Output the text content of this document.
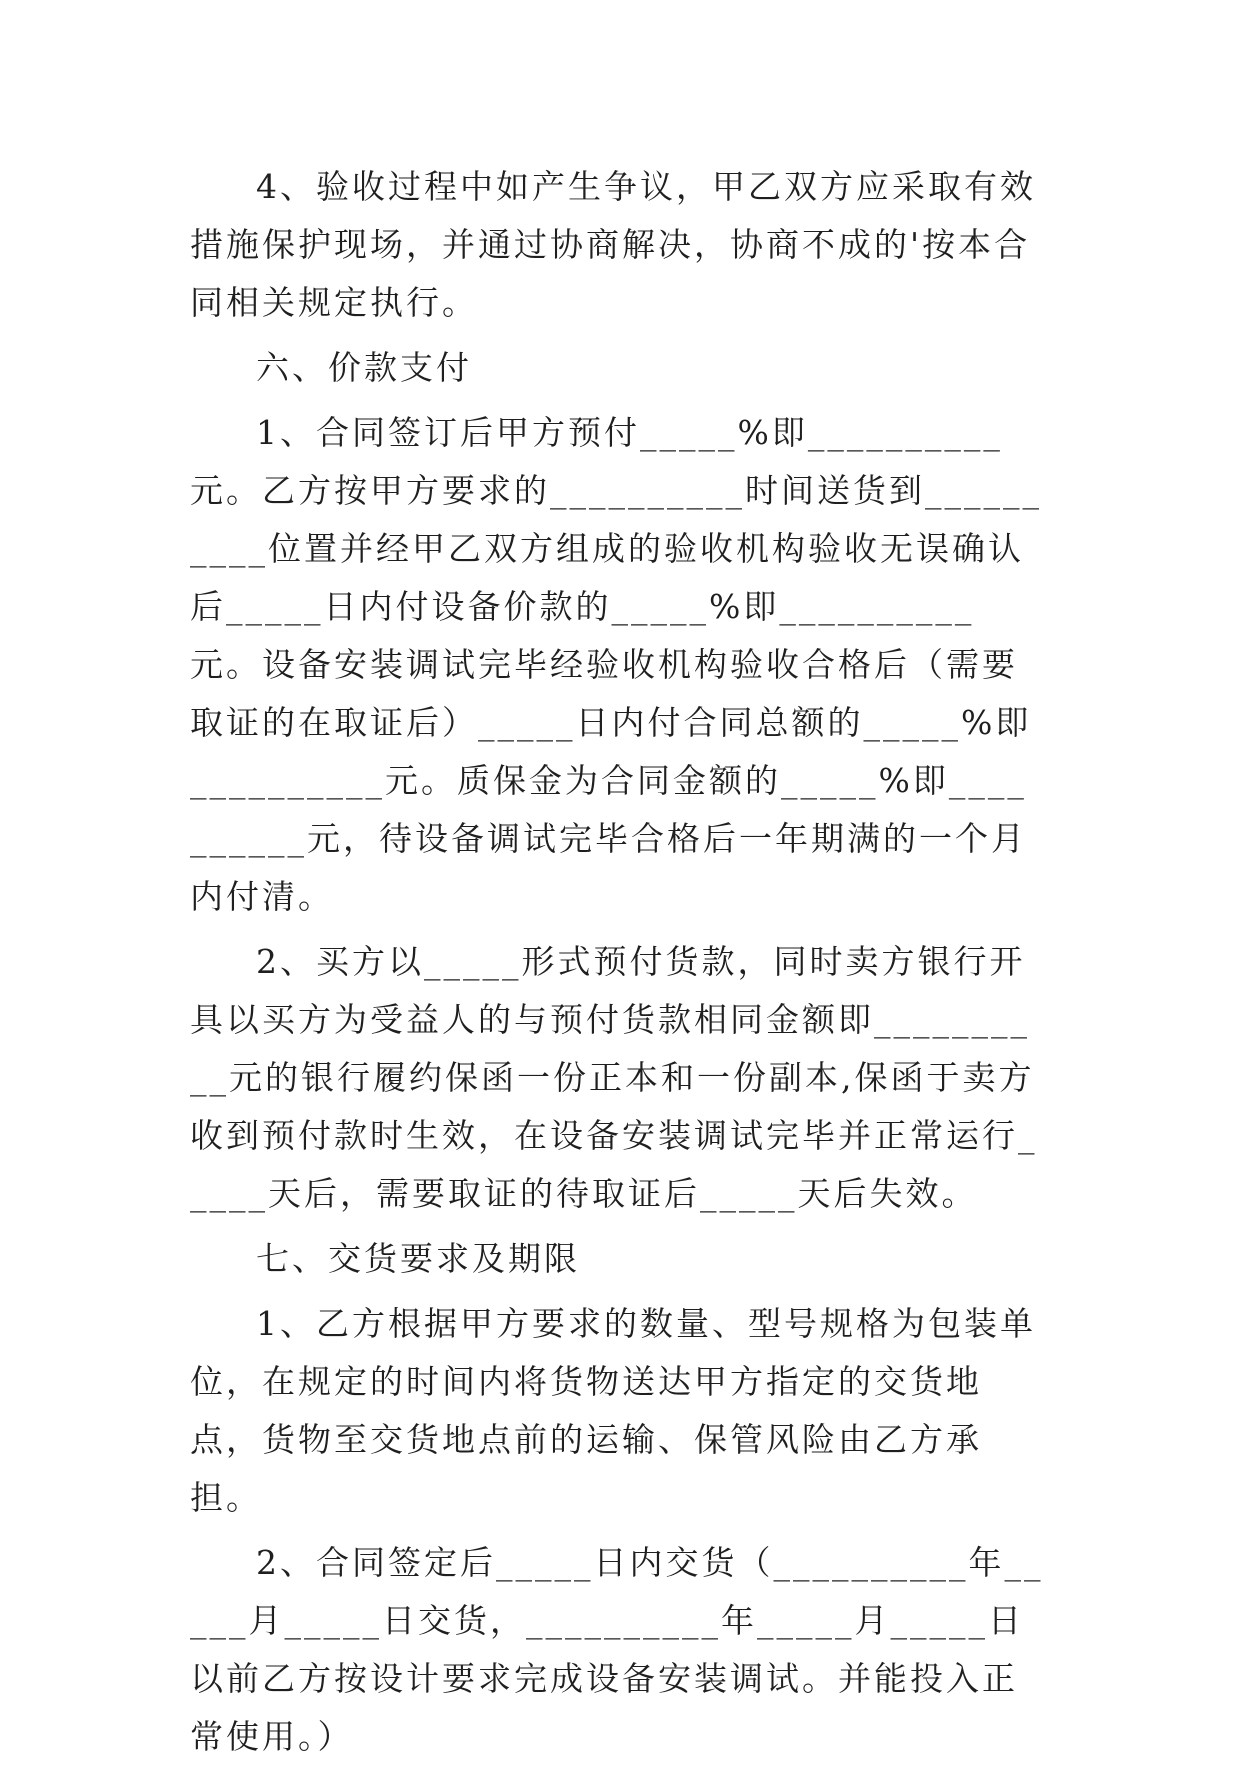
4、验收过程中如产生争议，甲乙双方应采取有效措施保护现场，并通过协商解决，协商不成的'按本合同相关规定执行。

六、价款支付

1、合同签订后甲方预付_____%即__________元。乙方按甲方要求的__________时间送货到__________位置并经甲乙双方组成的验收机构验收无误确认后_____日内付设备价款的_____%即__________元。设备安装调试完毕经验收机构验收合格后（需要取证的在取证后）_____日内付合同总额的_____%即__________元。质保金为合同金额的_____%即__________元，待设备调试完毕合格后一年期满的一个月内付清。

2、买方以_____形式预付货款，同时卖方银行开具以买方为受益人的与预付货款相同金额即__________元的银行履约保函一份正本和一份副本,保函于卖方收到预付款时生效，在设备安装调试完毕并正常运行_____天后，需要取证的待取证后_____天后失效。

七、交货要求及期限

1、乙方根据甲方要求的数量、型号规格为包装单位，在规定的时间内将货物送达甲方指定的交货地点，货物至交货地点前的运输、保管风险由乙方承担。

2、合同签定后_____日内交货（__________年_____月_____日交货，__________年_____月_____日以前乙方按设计要求完成设备安装调试。并能投入正常使用。）
